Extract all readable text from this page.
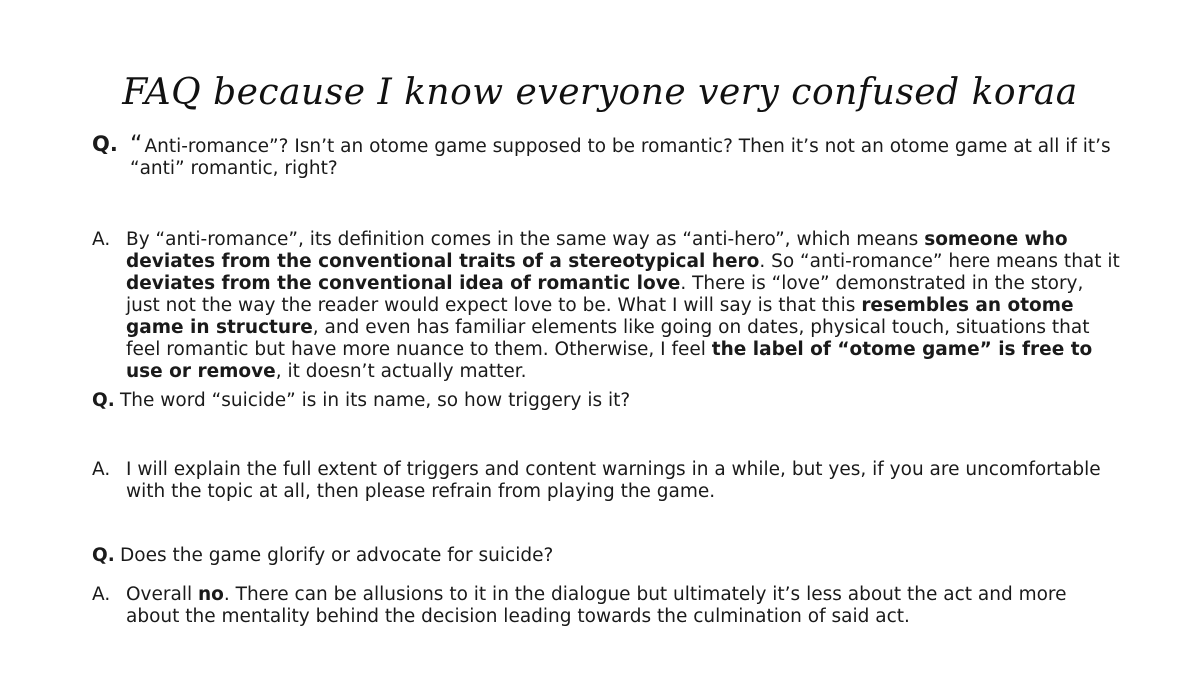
FAQ because I know everyone very confused koraa
Q. “ Anti-romance”? Isn’t an otome game supposed to be romantic? Then it’s not an otome game at all if it’s “anti” romantic, right?
A. By “anti-romance”, its definition comes in the same way as “anti-hero”, which means someone who deviates from the conventional traits of a stereotypical hero. So “anti-romance” here means that it deviates from the conventional idea of romantic love. There is “love” demonstrated in the story, just not the way the reader would expect love to be. What I will say is that this resembles an otome game in structure, and even has familiar elements like going on dates, physical touch, situations that feel romantic but have more nuance to them. Otherwise, I feel the label of “otome game” is free to use or remove, it doesn’t actually matter.
Q. The word “suicide” is in its name, so how triggery is it?
A. I will explain the full extent of triggers and content warnings in a while, but yes, if you are uncomfortable with the topic at all, then please refrain from playing the game.
Q. Does the game glorify or advocate for suicide?
A. Overall no. There can be allusions to it in the dialogue but ultimately it’s less about the act and more about the mentality behind the decision leading towards the culmination of said act.
